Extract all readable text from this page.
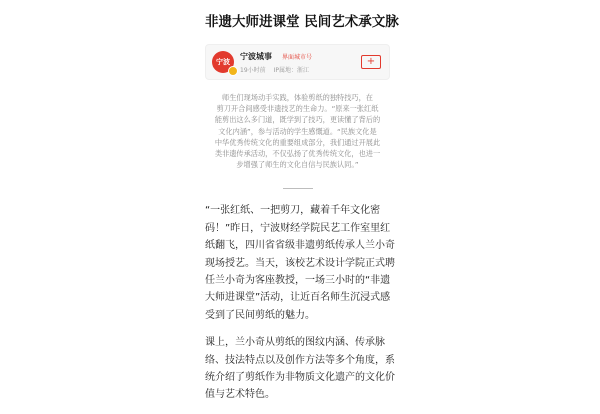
非遗大师进课堂 民间艺术承文脉
宁波
宁波城事 界面城市号
19小时前 IP属地：浙江
+
师生们现场动手实践，体验剪纸的独特技巧，在
剪刀开合间感受非遗技艺的生命力。“原来一张红纸
能剪出这么多门道，既学到了技巧，更读懂了背后的
文化内涵”，参与活动的学生感慨道。“民族文化是
中华优秀传统文化的重要组成部分，我们通过开展此
类非遗传承活动，不仅弘扬了优秀传统文化，也进一
步增强了师生的文化自信与民族认同。”

“一张红纸、一把剪刀，藏着千年文化密
码！”昨日，宁波财经学院民艺工作室里红
纸翻飞，四川省省级非遗剪纸传承人兰小奇
现场授艺。当天，该校艺术设计学院正式聘
任兰小奇为客座教授，一场三小时的“非遗
大师进课堂”活动，让近百名师生沉浸式感
受到了民间剪纸的魅力。

课上，兰小奇从剪纸的图纹内涵、传承脉
络、技法特点以及创作方法等多个角度，系
统介绍了剪纸作为非物质文化遗产的文化价
值与艺术特色。
